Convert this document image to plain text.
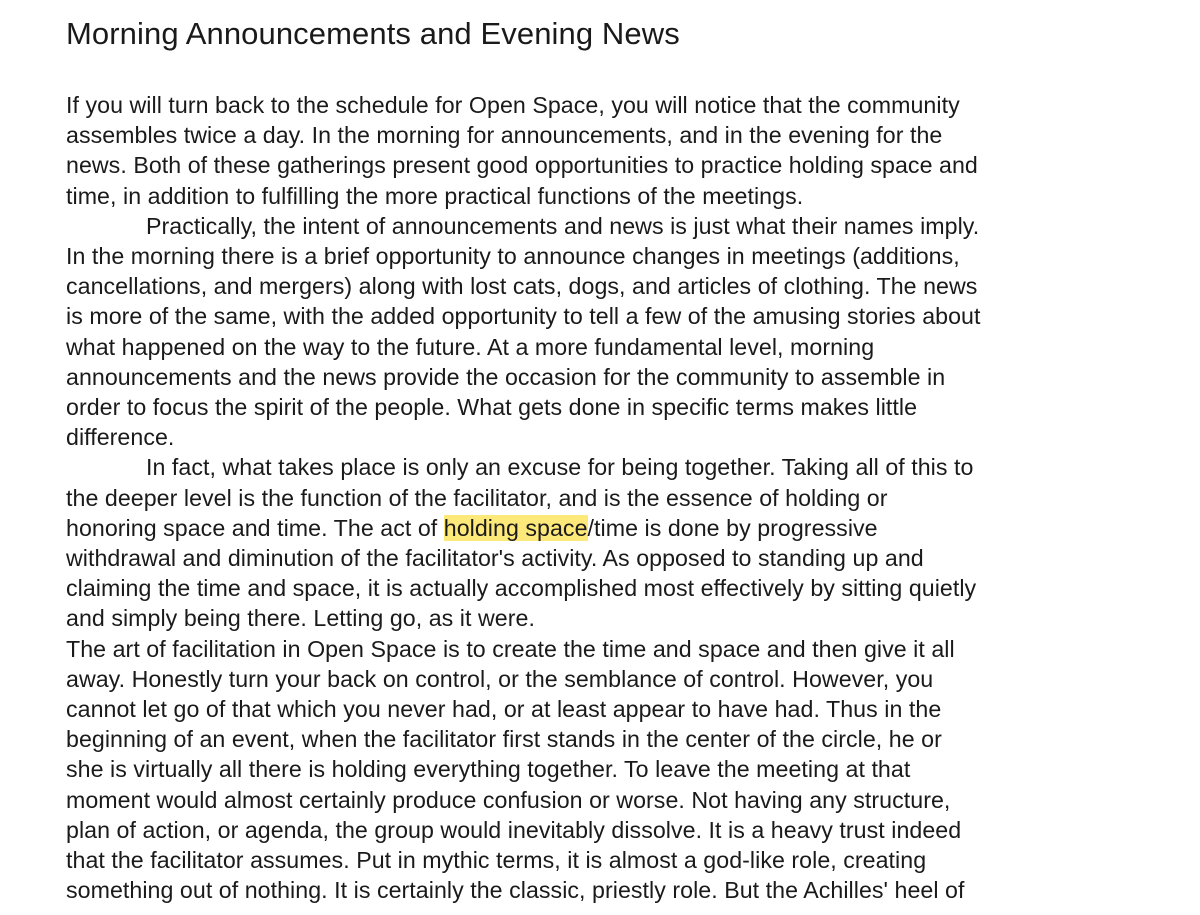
Morning Announcements and Evening News

If you will turn back to the schedule for Open Space, you will notice that the community

assembles twice a day. In the morning for announcements, and in the evening for the

news. Both of these gatherings present good opportunities to practice holding space and

time, in addition to fulfilling the more practical functions of the meetings.

Practically, the intent of announcements and news is just what their names imply.

In the morning there is a brief opportunity to announce changes in meetings (additions,

cancellations, and mergers) along with lost cats, dogs, and articles of clothing. The news

is more of the same, with the added opportunity to tell a few of the amusing stories about

what happened on the way to the future. At a more fundamental level, morning

announcements and the news provide the occasion for the community to assemble in

order to focus the spirit of the people. What gets done in specific terms makes little

difference.

In fact, what takes place is only an excuse for being together. Taking all of this to

the deeper level is the function of the facilitator, and is the essence of holding or

honoring space and time. The act of holding space/time is done by progressive

withdrawal and diminution of the facilitator's activity. As opposed to standing up and

claiming the time and space, it is actually accomplished most effectively by sitting quietly

and simply being there. Letting go, as it were.

The art of facilitation in Open Space is to create the time and space and then give it all

away. Honestly turn your back on control, or the semblance of control. However, you

cannot let go of that which you never had, or at least appear to have had. Thus in the

beginning of an event, when the facilitator first stands in the center of the circle, he or

she is virtually all there is holding everything together. To leave the meeting at that

moment would almost certainly produce confusion or worse. Not having any structure,

plan of action, or agenda, the group would inevitably dissolve. It is a heavy trust indeed

that the facilitator assumes. Put in mythic terms, it is almost a god-like role, creating

something out of nothing. It is certainly the classic, priestly role. But the Achilles' heel of
